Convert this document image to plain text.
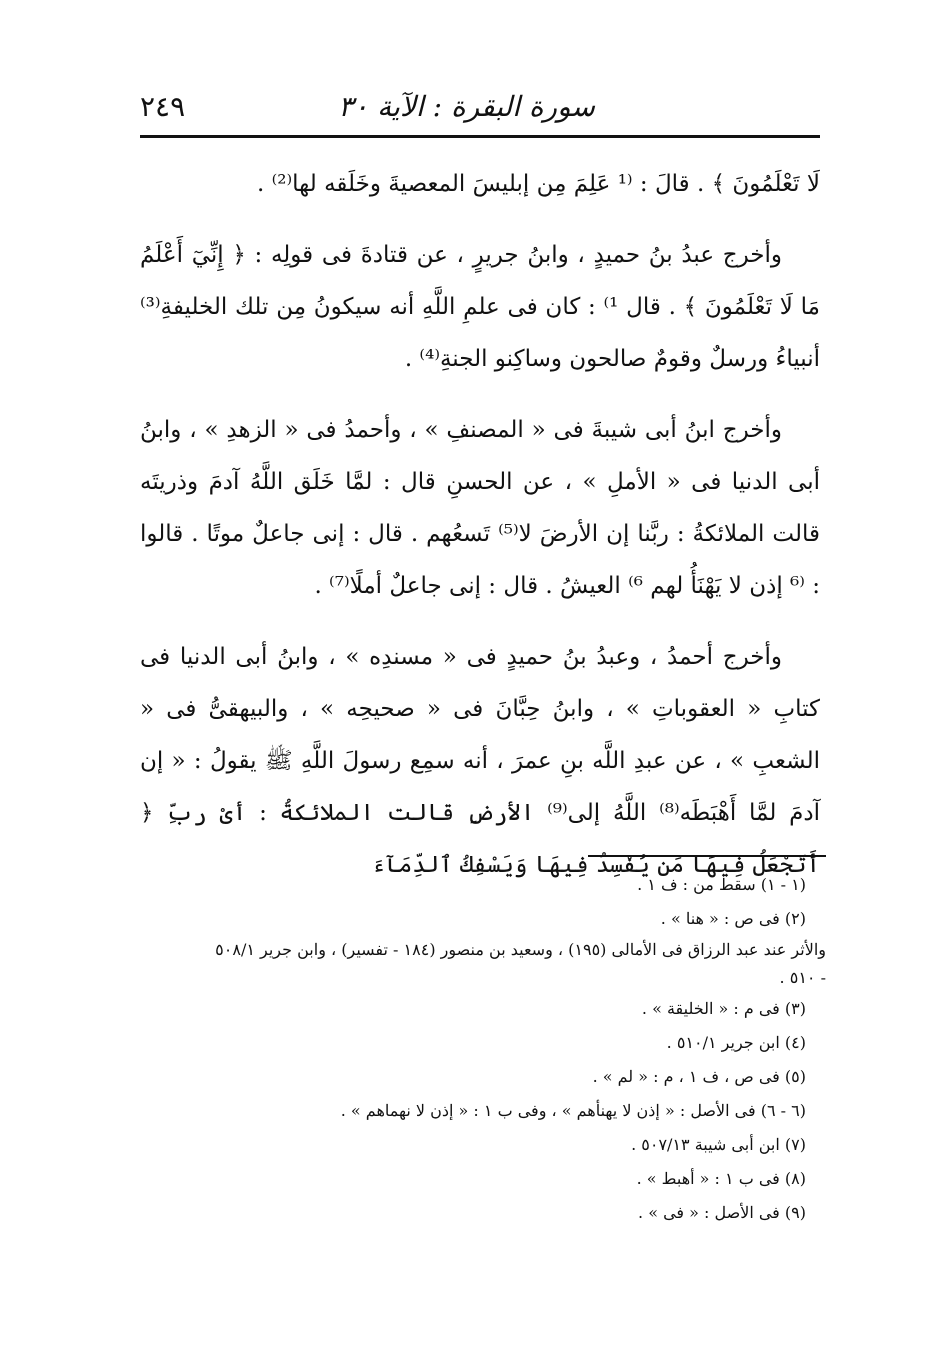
سورة البقرة : الآية ٣٠
٢٤٩

لَا تَعْلَمُونَ ﴾ . قالَ : ⁽¹ عَلِمَ مِن إبليسَ المعصيةَ وخَلَقه لها⁽²⁾ .

وأخرج عبدُ بنُ حميدٍ ، وابنُ جريرٍ ، عن قتادةَ فى قولِه : ﴿ إِنِّيٓ أَعْلَمُ مَا لَا تَعْلَمُونَ ﴾ . قال ¹⁾ : كان فى علمِ اللَّهِ أنه سيكونُ مِن تلك الخليفةِ⁽³⁾ أنبياءُ ورسلٌ وقومٌ صالحون وساكِنو الجنةِ⁽⁴⁾ .

وأخرج ابنُ أبى شيبةَ فى « المصنفِ » ، وأحمدُ فى « الزهدِ » ، وابنُ أبى الدنيا فى « الأملِ » ، عن الحسنِ قال : لمَّا خَلَق اللَّهُ آدمَ وذريتَه قالت الملائكةُ : ربَّنا إن الأرضَ لا⁽⁵⁾ تَسعُهم . قال : إنى جاعلٌ موتًا . قالوا : ⁽⁶ إذن لا يَهْنَأُ لهم ⁶⁾ العيشُ . قال : إنى جاعلٌ أملًا⁽⁷⁾ .

وأخرج أحمدُ ، وعبدُ بنُ حميدٍ فى « مسندِه » ، وابنُ أبى الدنيا فى كتابِ « العقوباتِ » ، وابنُ حِبَّانَ فى « صحيحِه » ، والبيهقىُّ فى « الشعبِ » ، عن عبدِ اللَّه بنِ عمرَ ، أنه سمِع رسولَ اللَّهِ ﷺ يقولُ : « إن آدمَ لمَّا أَهْبَطَه⁽⁸⁾ اللَّهُ إلى⁽⁹⁾ الأرضِ قالت الملائكةُ : أىْ ربِّ ﴿ أَتَجْعَلُ فِيهَا مَن يُفْسِدُ فِيهَا وَيَسْفِكُ ٱلدِّمَآءَ

(١ - ١) سقط من : ف ١ .

(٢) فى ص : « هنا » .

والأثر عند عبد الرزاق فى الأمالى (١٩٥) ، وسعيد بن منصور (١٨٤ - تفسير) ، وابن جرير ٥٠٨/١

- ٥١٠ .

(٣) فى م : « الخليقة » .

(٤) ابن جرير ٥١٠/١ .

(٥) فى ص ، ف ١ ، م : « لم » .

(٦ - ٦) فى الأصل : « إذن لا يهنأهم » ، وفى ب ١ : « إذن لا نهماهم » .

(٧) ابن أبى شيبة ٥٠٧/١٣ .

(٨) فى ب ١ : « أهبط » .

(٩) فى الأصل : « فى » .
